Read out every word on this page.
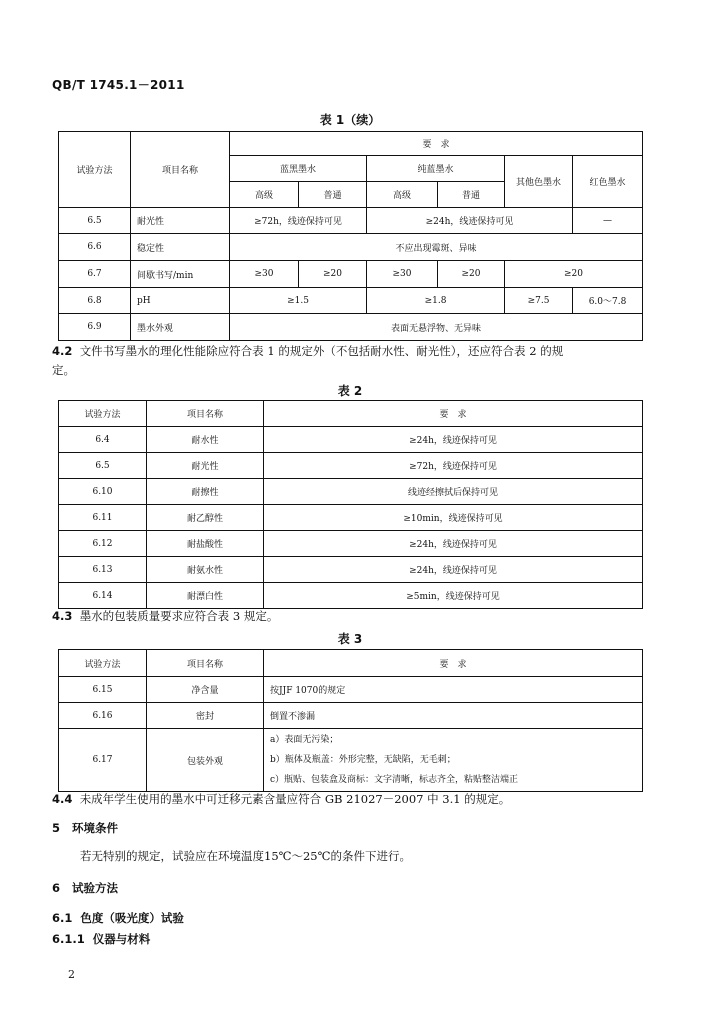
QB/T 1745.1－2011
表 1（续）
试验方法	项目名称	要　求					
		蓝黑墨水		纯蓝墨水		其他色墨水	红色墨水
		高级	普通	高级	普通		
6.5	耐光性	≥72h，线迹保持可见		≥24h，线迹保持可见			—
6.6	稳定性	不应出现霉斑、异味					
6.7	间歇书写/min	≥30	≥20	≥30	≥20	≥20	
6.8	pH	≥1.5		≥1.8		≥7.5	6.0～7.8
6.9	墨水外观	表面无悬浮物、无异味					
4.2 文件书写墨水的理化性能除应符合表 1 的规定外（不包括耐水性、耐光性），还应符合表 2 的规
定。
表 2
试验方法	项目名称	要　求
6.4	耐水性	≥24h，线迹保持可见
6.5	耐光性	≥72h，线迹保持可见
6.10	耐擦性	线迹经擦拭后保持可见
6.11	耐乙醇性	≥10min，线迹保持可见
6.12	耐盐酸性	≥24h，线迹保持可见
6.13	耐氨水性	≥24h，线迹保持可见
6.14	耐漂白性	≥5min，线迹保持可见
4.3 墨水的包装质量要求应符合表 3 规定。
表 3
试验方法	项目名称	要　求
6.15	净含量	按JJF 1070的规定
6.16	密封	倒置不渗漏
6.17	包装外观	a）表面无污染；
b）瓶体及瓶盖：外形完整，无缺陷，无毛刺；
c）瓶贴、包装盒及商标：文字清晰，标志齐全，粘贴整洁端正
4.4 未成年学生使用的墨水中可迁移元素含量应符合 GB 21027－2007 中 3.1 的规定。
5 环境条件
若无特别的规定，试验应在环境温度15℃～25℃的条件下进行。
6 试验方法
6.1 色度（吸光度）试验
6.1.1 仪器与材料
2
